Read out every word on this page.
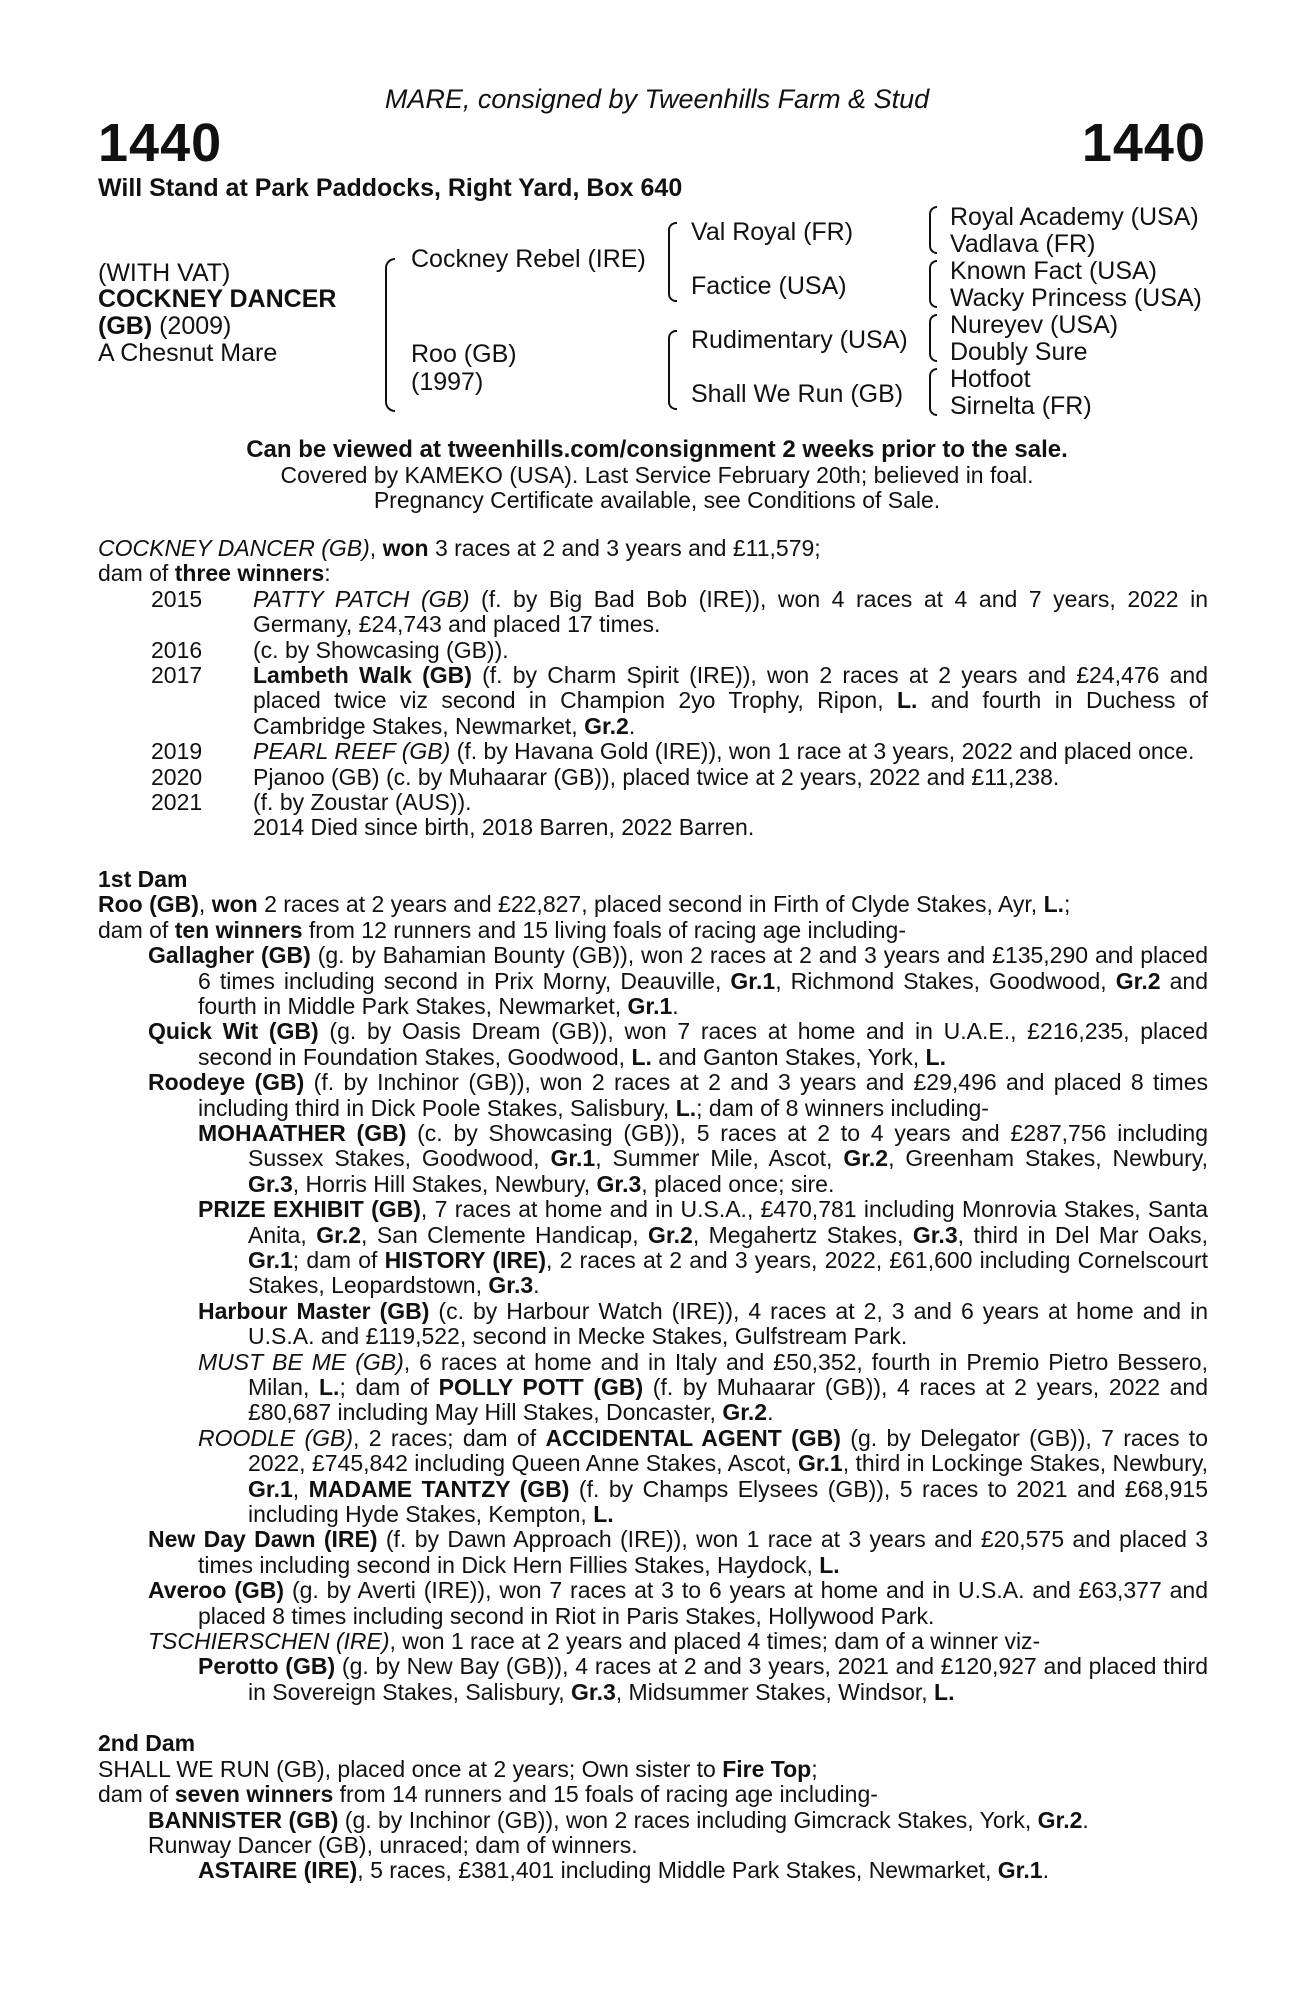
MARE, consigned by Tweenhills Farm & Stud
1440	1440
Will Stand at Park Paddocks, Right Yard, Box 640
(WITH VAT)
COCKNEY DANCER
(GB) (2009)
A Chesnut Mare
Cockney Rebel (IRE)
Roo (GB)
(1997)
Val Royal (FR)
Factice (USA)
Rudimentary (USA)
Shall We Run (GB)
Royal Academy (USA)
Vadlava (FR)
Known Fact (USA)
Wacky Princess (USA)
Nureyev (USA)
Doubly Sure
Hotfoot
Sirnelta (FR)
Can be viewed at tweenhills.com/consignment 2 weeks prior to the sale.
Covered by KAMEKO (USA). Last Service February 20th; believed in foal.
Pregnancy Certificate available, see Conditions of Sale.

COCKNEY DANCER (GB), won 3 races at 2 and 3 years and £11,579;

dam of three winners:

2015	PATTY PATCH (GB) (f. by Big Bad Bob (IRE)), won 4 races at 4 and 7 years, 2022 in Germany, £24,743 and placed 17 times.
2016	(c. by Showcasing (GB)).
2017	Lambeth Walk (GB) (f. by Charm Spirit (IRE)), won 2 races at 2 years and £24,476 and placed twice viz second in Champion 2yo Trophy, Ripon, L. and fourth in Duchess of Cambridge Stakes, Newmarket, Gr.2.
2019	PEARL REEF (GB) (f. by Havana Gold (IRE)), won 1 race at 3 years, 2022 and placed once.
2020	Pjanoo (GB) (c. by Muhaarar (GB)), placed twice at 2 years, 2022 and £11,238.
2021	(f. by Zoustar (AUS)).

2014 Died since birth, 2018 Barren, 2022 Barren.

1st Dam

Roo (GB), won 2 races at 2 years and £22,827, placed second in Firth of Clyde Stakes, Ayr, L.;

dam of ten winners from 12 runners and 15 living foals of racing age including-

Gallagher (GB) (g. by Bahamian Bounty (GB)), won 2 races at 2 and 3 years and £135,290 and placed 6 times including second in Prix Morny, Deauville, Gr.1, Richmond Stakes, Goodwood, Gr.2 and fourth in Middle Park Stakes, Newmarket, Gr.1.

Quick Wit (GB) (g. by Oasis Dream (GB)), won 7 races at home and in U.A.E., £216,235, placed second in Foundation Stakes, Goodwood, L. and Ganton Stakes, York, L.

Roodeye (GB) (f. by Inchinor (GB)), won 2 races at 2 and 3 years and £29,496 and placed 8 times including third in Dick Poole Stakes, Salisbury, L.; dam of 8 winners including-

MOHAATHER (GB) (c. by Showcasing (GB)), 5 races at 2 to 4 years and £287,756 including Sussex Stakes, Goodwood, Gr.1, Summer Mile, Ascot, Gr.2, Greenham Stakes, Newbury, Gr.3, Horris Hill Stakes, Newbury, Gr.3, placed once; sire.

PRIZE EXHIBIT (GB), 7 races at home and in U.S.A., £470,781 including Monrovia Stakes, Santa Anita, Gr.2, San Clemente Handicap, Gr.2, Megahertz Stakes, Gr.3, third in Del Mar Oaks, Gr.1; dam of HISTORY (IRE), 2 races at 2 and 3 years, 2022, £61,600 including Cornelscourt Stakes, Leopardstown, Gr.3.

Harbour Master (GB) (c. by Harbour Watch (IRE)), 4 races at 2, 3 and 6 years at home and in U.S.A. and £119,522, second in Mecke Stakes, Gulfstream Park.

MUST BE ME (GB), 6 races at home and in Italy and £50,352, fourth in Premio Pietro Bessero, Milan, L.; dam of POLLY POTT (GB) (f. by Muhaarar (GB)), 4 races at 2 years, 2022 and £80,687 including May Hill Stakes, Doncaster, Gr.2.

ROODLE (GB), 2 races; dam of ACCIDENTAL AGENT (GB) (g. by Delegator (GB)), 7 races to 2022, £745,842 including Queen Anne Stakes, Ascot, Gr.1, third in Lockinge Stakes, Newbury, Gr.1, MADAME TANTZY (GB) (f. by Champs Elysees (GB)), 5 races to 2021 and £68,915 including Hyde Stakes, Kempton, L.

New Day Dawn (IRE) (f. by Dawn Approach (IRE)), won 1 race at 3 years and £20,575 and placed 3 times including second in Dick Hern Fillies Stakes, Haydock, L.

Averoo (GB) (g. by Averti (IRE)), won 7 races at 3 to 6 years at home and in U.S.A. and £63,377 and placed 8 times including second in Riot in Paris Stakes, Hollywood Park.

TSCHIERSCHEN (IRE), won 1 race at 2 years and placed 4 times; dam of a winner viz-

Perotto (GB) (g. by New Bay (GB)), 4 races at 2 and 3 years, 2021 and £120,927 and placed third in Sovereign Stakes, Salisbury, Gr.3, Midsummer Stakes, Windsor, L.

2nd Dam

SHALL WE RUN (GB), placed once at 2 years; Own sister to Fire Top;

dam of seven winners from 14 runners and 15 foals of racing age including-

BANNISTER (GB) (g. by Inchinor (GB)), won 2 races including Gimcrack Stakes, York, Gr.2.

Runway Dancer (GB), unraced; dam of winners.

ASTAIRE (IRE), 5 races, £381,401 including Middle Park Stakes, Newmarket, Gr.1.
